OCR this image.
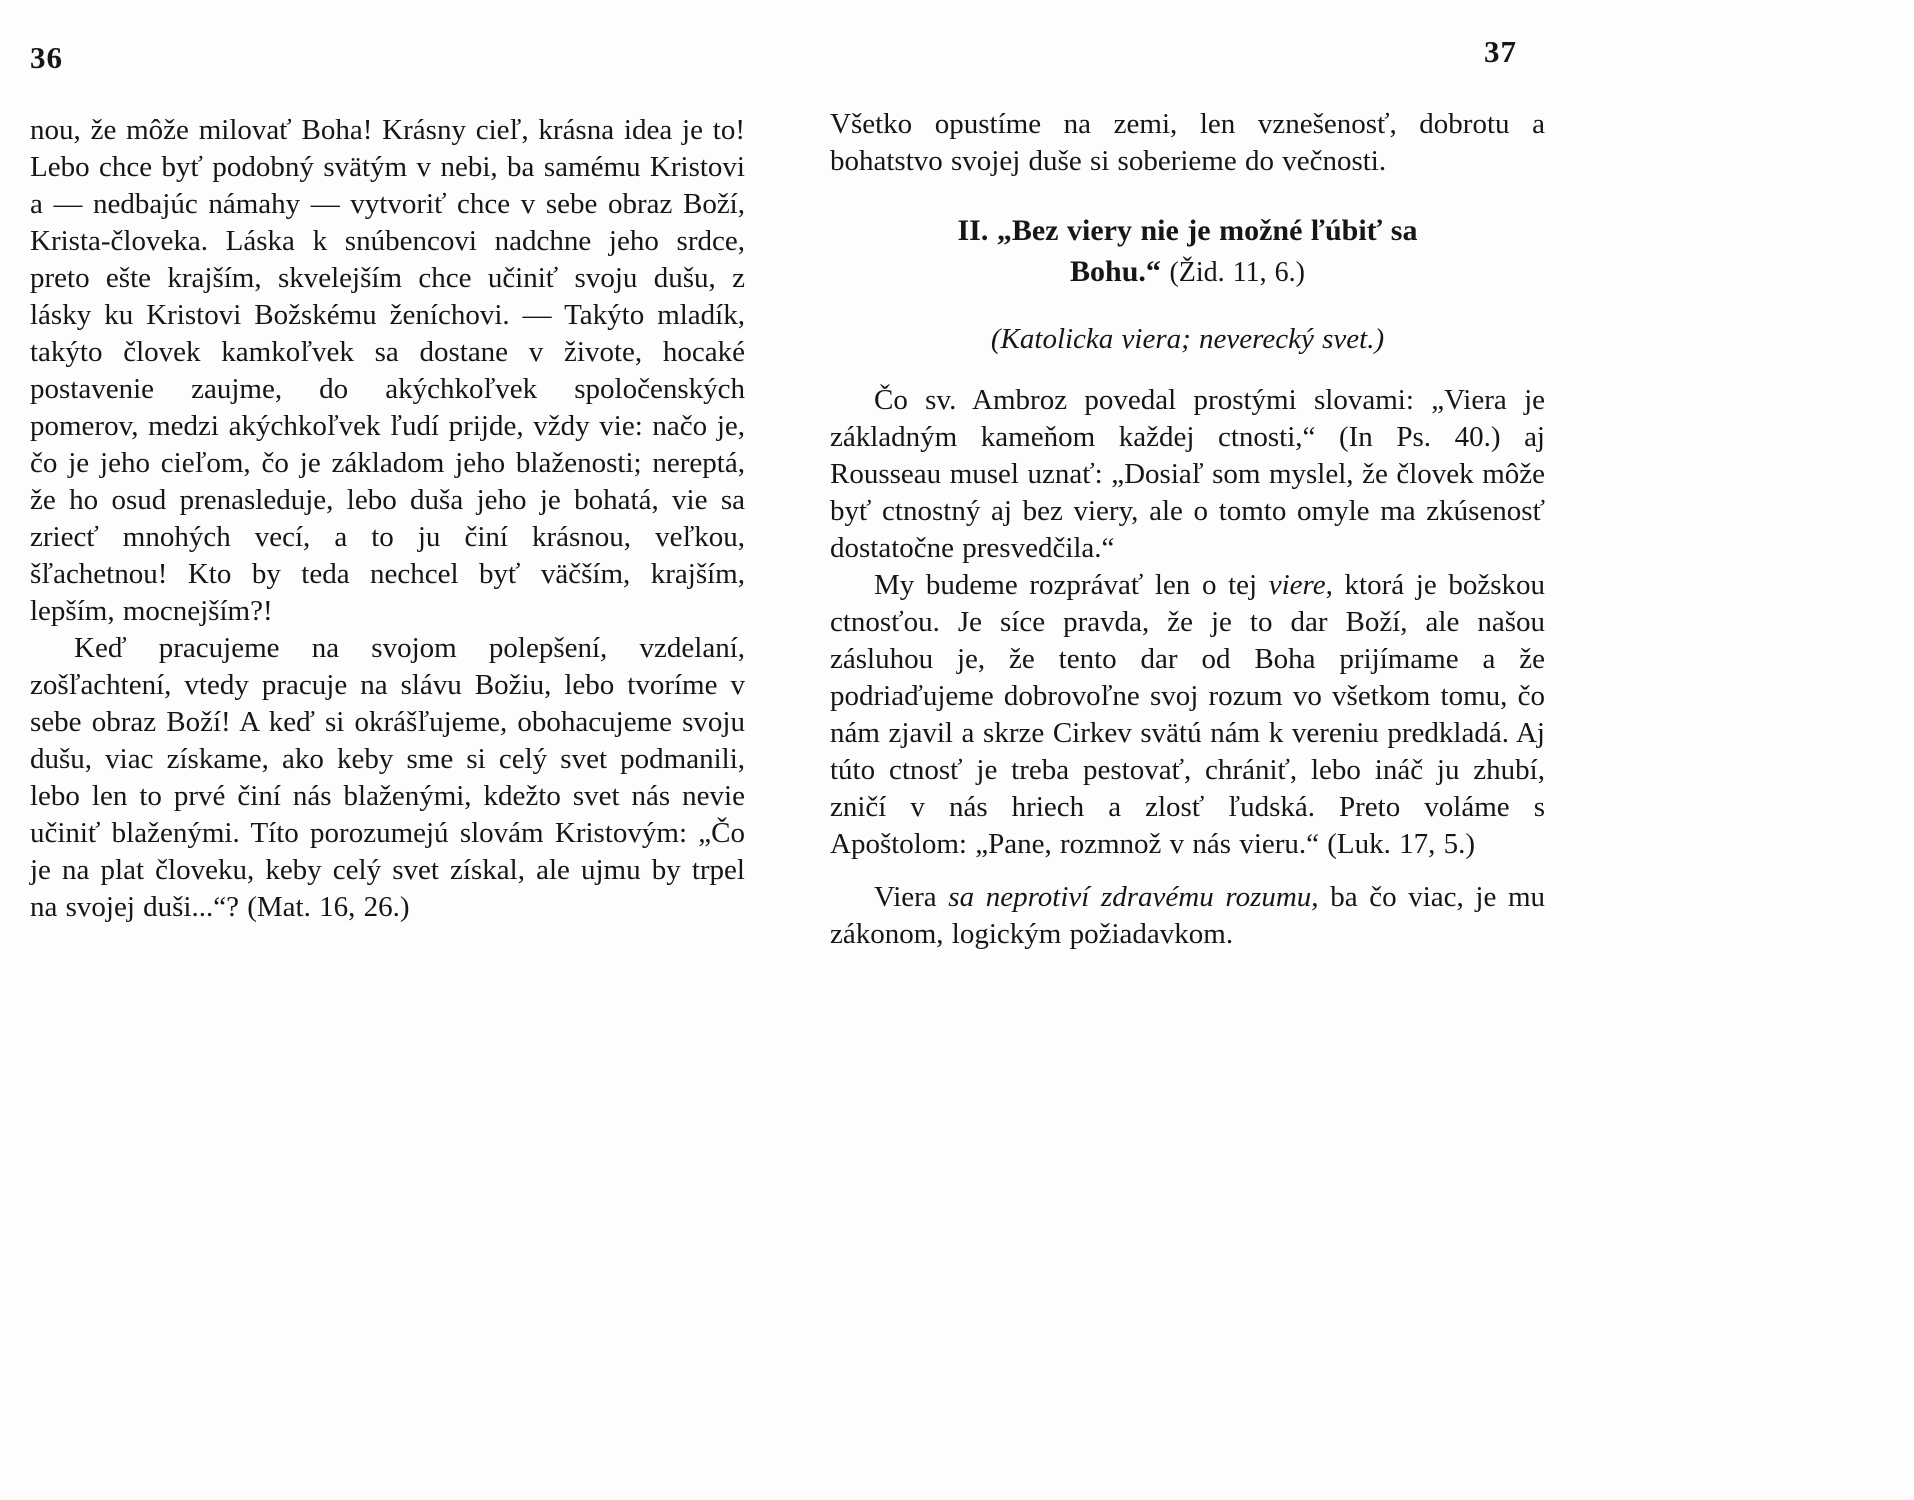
36	37

nou, že môže milovať Boha! Krásny cieľ, krásna idea je to! Lebo chce byť podobný svätým v nebi, ba samému Kristovi a — nedbajúc námahy — vytvoriť chce v sebe obraz Boží, Krista-človeka. Láska k snúbencovi nadchne jeho srdce, preto ešte krajším, skvelejším chce učiniť svoju dušu, z lásky ku Kristovi Božskému ženíchovi. — Takýto mladík, takýto človek kamkoľvek sa dostane v živote, hocaké postavenie zaujme, do akýchkoľvek spoločenských pomerov, medzi akýchkoľvek ľudí prijde, vždy vie: načo je, čo je jeho cieľom, čo je základom jeho blaženosti; nereptá, že ho osud prenasleduje, lebo duša jeho je bohatá, vie sa zriecť mnohých vecí, a to ju činí krásnou, veľkou, šľachetnou! Kto by teda nechcel byť väčším, krajším, lepším, mocnejším?!

Keď pracujeme na svojom polepšení, vzdelaní, zošľachtení, vtedy pracuje na slávu Božiu, lebo tvoríme v sebe obraz Boží! A keď si okrášľujeme, obohacujeme svoju dušu, viac získame, ako keby sme si celý svet podmanili, lebo len to prvé činí nás blaženými, kdežto svet nás nevie učiniť blaženými. Títo porozumejú slovám Kristovým: „Čo je na plat človeku, keby celý svet získal, ale ujmu by trpel na svojej duši...“? (Mat. 16, 26.)

Všetko opustíme na zemi, len vznešenosť, dobrotu a bohatstvo svojej duše si soberieme do večnosti.

II. „Bez viery nie je možné ľúbiť sa
Bohu.“ (Žid. 11, 6.)

(Katolicka viera; neverecký svet.)

Čo sv. Ambroz povedal prostými slovami: „Viera je základným kameňom každej ctnosti,“ (In Ps. 40.) aj Rousseau musel uznať: „Dosiaľ som myslel, že človek môže byť ctnostný aj bez viery, ale o tomto omyle ma zkúsenosť dostatočne presvedčila.“

My budeme rozprávať len o tej viere, ktorá je božskou ctnosťou. Je síce pravda, že je to dar Boží, ale našou zásluhou je, že tento dar od Boha prijímame a že podriaďujeme dobrovoľne svoj rozum vo všetkom tomu, čo nám zjavil a skrze Cirkev svätú nám k vereniu predkladá. Aj túto ctnosť je treba pestovať, chrániť, lebo ináč ju zhubí, zničí v nás hriech a zlosť ľudská. Preto voláme s Apoštolom: „Pane, rozmnož v nás vieru.“ (Luk. 17, 5.)

Viera sa neprotiví zdravému rozumu, ba čo viac, je mu zákonom, logickým požiadavkom.
